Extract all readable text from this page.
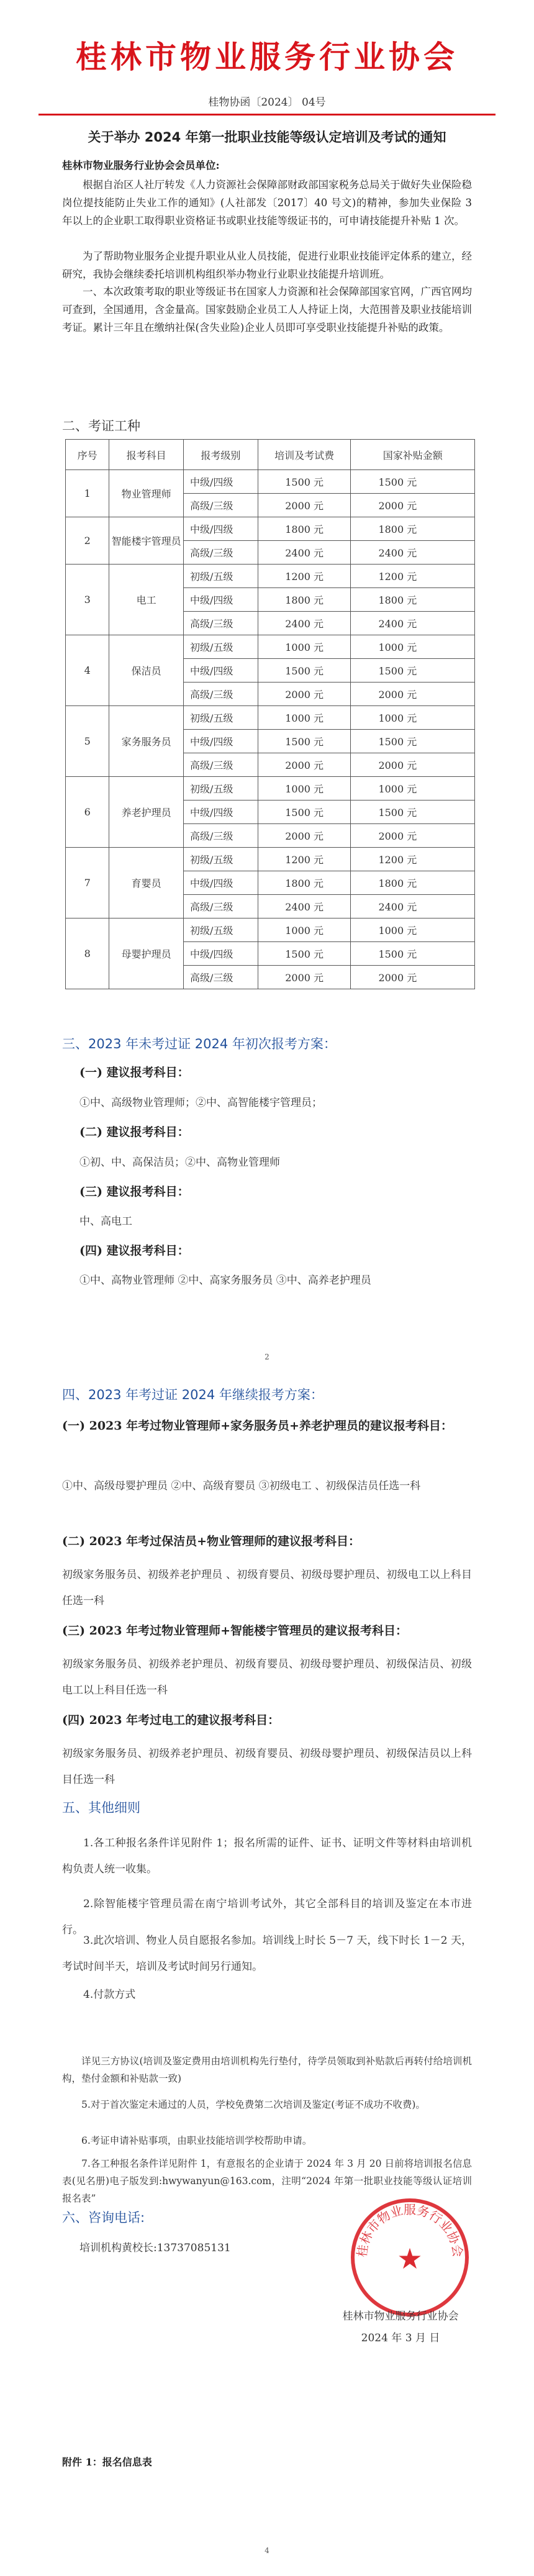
桂林市物业服务行业协会
桂物协函〔2024〕 04号
关于举办 2024 年第一批职业技能等级认定培训及考试的通知
桂林市物业服务行业协会会员单位:
根据自治区人社厅转发《人力资源社会保障部财政部国家税务总局关于做好失业保险稳岗位提技能防止失业工作的通知》(人社部发〔2017〕40 号文)的精神，参加失业保险 3 年以上的企业职工取得职业资格证书或职业技能等级证书的，可申请技能提升补贴 1 次。
为了帮助物业服务企业提升职业从业人员技能，促进行业职业技能评定体系的建立，经研究，我协会继续委托培训机构组织举办物业行业职业技能提升培训班。
一、本次政策考取的职业等级证书在国家人力资源和社会保障部国家官网，广西官网均可查到，全国通用，含金量高。国家鼓励企业员工人人持证上岗，大范围普及职业技能培训考证。累计三年且在缴纳社保(含失业险)企业人员即可享受职业技能提升补贴的政策。
二、考证工种
序号	报考科目	报考级别	培训及考试费	国家补贴金额
1	物业管理师	中级/四级	1500 元	1500 元
		高级/三级	2000 元	2000 元
2	智能楼宇管理员	中级/四级	1800 元	1800 元
		高级/三级	2400 元	2400 元
3	电工	初级/五级	1200 元	1200 元
		中级/四级	1800 元	1800 元
		高级/三级	2400 元	2400 元
4	保洁员	初级/五级	1000 元	1000 元
		中级/四级	1500 元	1500 元
		高级/三级	2000 元	2000 元
5	家务服务员	初级/五级	1000 元	1000 元
		中级/四级	1500 元	1500 元
		高级/三级	2000 元	2000 元
6	养老护理员	初级/五级	1000 元	1000 元
		中级/四级	1500 元	1500 元
		高级/三级	2000 元	2000 元
7	育婴员	初级/五级	1200 元	1200 元
		中级/四级	1800 元	1800 元
		高级/三级	2400 元	2400 元
8	母婴护理员	初级/五级	1000 元	1000 元
		中级/四级	1500 元	1500 元
		高级/三级	2000 元	2000 元
三、2023 年未考过证 2024 年初次报考方案：
(一) 建议报考科目：
①中、高级物业管理师；②中、高智能楼宇管理员；
(二) 建议报考科目：
①初、中、高保洁员；②中、高物业管理师
(三) 建议报考科目：
中、高电工
(四) 建议报考科目：
①中、高物业管理师 ②中、高家务服务员 ③中、高养老护理员
2
四、2023 年考过证 2024 年继续报考方案：
(一) 2023 年考过物业管理师+家务服务员+养老护理员的建议报考科目：
①中、高级母婴护理员 ②中、高级育婴员 ③初级电工 、初级保洁员任选一科
(二) 2023 年考过保洁员+物业管理师的建议报考科目：
初级家务服务员、初级养老护理员 、初级育婴员、初级母婴护理员、初级电工以上科目任选一科
(三) 2023 年考过物业管理师+智能楼宇管理员的建议报考科目：
初级家务服务员、初级养老护理员、初级育婴员、初级母婴护理员、初级保洁员、初级电工以上科目任选一科
(四) 2023 年考过电工的建议报考科目：
初级家务服务员、初级养老护理员、初级育婴员、初级母婴护理员、初级保洁员以上科目任选一科
五、其他细则
1.各工种报名条件详见附件 1；报名所需的证件、证书、证明文件等材料由培训机构负责人统一收集。
2.除智能楼宇管理员需在南宁培训考试外，其它全部科目的培训及鉴定在本市进行。
3.此次培训、物业人员自愿报名参加。培训线上时长 5－7 天，线下时长 1－2 天，考试时间半天，培训及考试时间另行通知。
4.付款方式
详见三方协议(培训及鉴定费用由培训机构先行垫付，待学员领取到补贴款后再转付给培训机构，垫付金额和补贴款一致)
5.对于首次鉴定未通过的人员，学校免费第二次培训及鉴定(考证不成功不收费)。
6.考证申请补贴事项，由职业技能培训学校帮助申请。
7.各工种报名条件详见附件 1，有意报名的企业请于 2024 年 3 月 20 日前将培训报名信息表(见名册)电子版发到:hwywanyun@163.com，注明“2024 年第一批职业技能等级认证培训报名表”
六、咨询电话:
培训机构黄校长:13737085131	桂林市物业服务行业协会
★
桂林市物业服务行业协会
2024 年 3 月 日
附件 1：报名信息表
4
